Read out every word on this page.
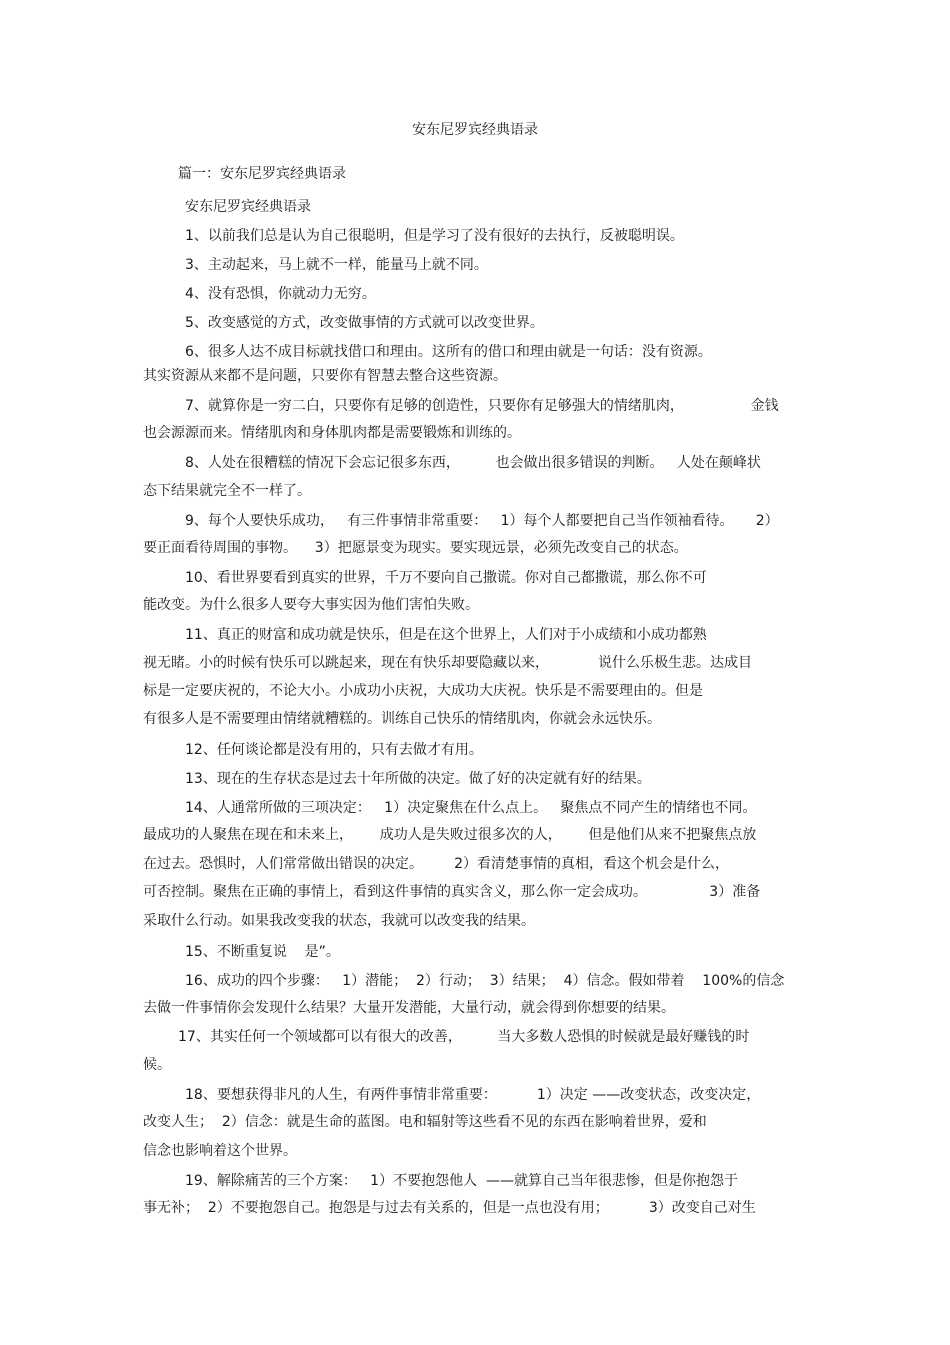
安东尼罗宾经典语录
篇一：安东尼罗宾经典语录
安东尼罗宾经典语录
1、以前我们总是认为自己很聪明，但是学习了没有很好的去执行，反被聪明误。
3、主动起来，马上就不一样，能量马上就不同。
4、没有恐惧，你就动力无穷。
5、改变感觉的方式，改变做事情的方式就可以改变世界。
6、很多人达不成目标就找借口和理由。这所有的借口和理由就是一句话：没有资源。
其实资源从来都不是问题，只要你有智慧去整合这些资源。
7、就算你是一穷二白，只要你有足够的创造性，只要你有足够强大的情绪肌肉，               金钱
也会源源而来。情绪肌肉和身体肌肉都是需要锻炼和训练的。
8、人处在很糟糕的情况下会忘记很多东西，        也会做出很多错误的判断。   人处在颠峰状
态下结果就完全不一样了。
9、每个人要快乐成功，   有三件事情非常重要：   1）每个人都要把自己当作领袖看待。     2）
要正面看待周围的事物。    3）把愿景变为现实。要实现远景，必须先改变自己的状态。
10、看世界要看到真实的世界，千万不要向自己撒谎。你对自己都撒谎，那么你不可
能改变。为什么很多人要夸大事实因为他们害怕失败。
11、真正的财富和成功就是快乐，但是在这个世界上，人们对于小成绩和小成功都熟
视无睹。小的时候有快乐可以跳起来，现在有快乐却要隐藏以来，           说什么乐极生悲。达成目
标是一定要庆祝的，不论大小。小成功小庆祝，大成功大庆祝。快乐是不需要理由的。但是
有很多人是不需要理由情绪就糟糕的。训练自己快乐的情绪肌肉，你就会永远快乐。
12、任何谈论都是没有用的，只有去做才有用。
13、现在的生存状态是过去十年所做的决定。做了好的决定就有好的结果。
14、人通常所做的三项决定：   1）决定聚焦在什么点上。   聚焦点不同产生的情绪也不同。
最成功的人聚焦在现在和未来上，      成功人是失败过很多次的人，      但是他们从来不把聚焦点放
在过去。恐惧时，人们常常做出错误的决定。       2）看清楚事情的真相，看这个机会是什么，
可否控制。聚焦在正确的事情上，看到这件事情的真实含义，那么你一定会成功。              3）准备
采取什么行动。如果我改变我的状态，我就可以改变我的结果。
15、不断重复说    是”。
16、成功的四个步骤：   1）潜能；  2）行动；  3）结果；  4）信念。假如带着    100%的信念
去做一件事情你会发现什么结果？大量开发潜能，大量行动，就会得到你想要的结果。
17、其实任何一个领域都可以有很大的改善，        当大多数人恐惧的时候就是最好赚钱的时
候。
18、要想获得非凡的人生，有两件事情非常重要：         1）决定 ——改变状态，改变决定，
改变人生；  2）信念：就是生命的蓝图。电和辐射等这些看不见的东西在影响着世界，爱和
信念也影响着这个世界。
19、解除痛苦的三个方案：   1）不要抱怨他人  ——就算自己当年很悲惨，但是你抱怨于
事无补；  2）不要抱怨自己。抱怨是与过去有关系的，但是一点也没有用；         3）改变自己对生
